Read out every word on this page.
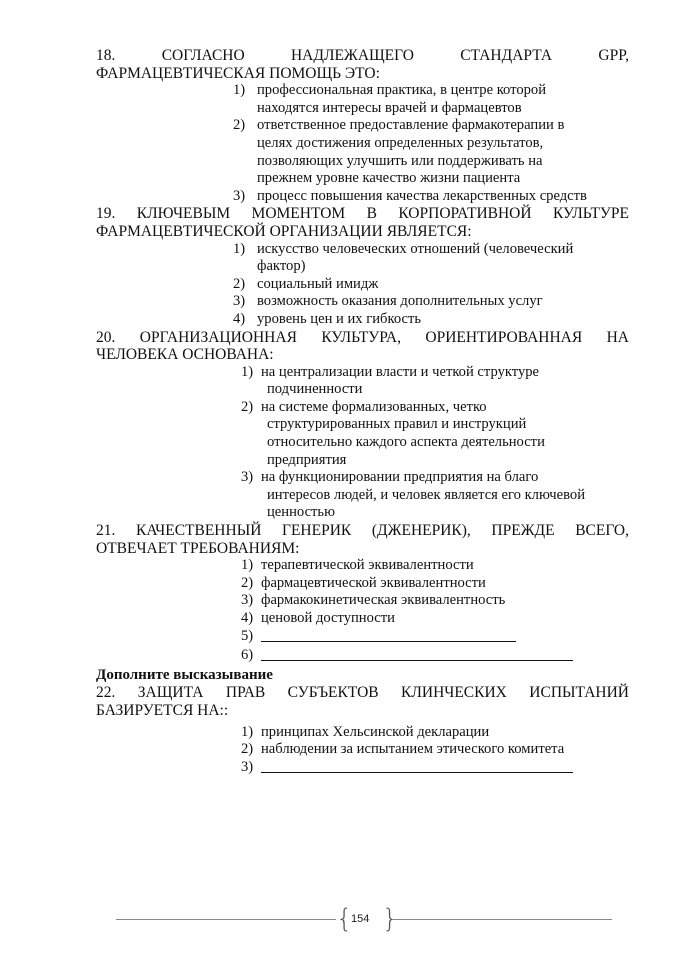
18. СОГЛАСНО НАДЛЕЖАЩЕГО СТАНДАРТА GPP,
ФАРМАЦЕВТИЧЕСКАЯ ПОМОЩЬ ЭТО:
1) профессиональная практика, в центре которой
находятся интересы врачей и фармацевтов
2) ответственное предоставление фармакотерапии в
целях достижения определенных результатов,
позволяющих улучшить или поддерживать на
прежнем уровне качество жизни пациента
3) процесс повышения качества лекарственных средств
19. КЛЮЧЕВЫМ МОМЕНТОМ В КОРПОРАТИВНОЙ КУЛЬТУРЕ
ФАРМАЦЕВТИЧЕСКОЙ ОРГАНИЗАЦИИ ЯВЛЯЕТСЯ:
1) искусство человеческих отношений (человеческий
фактор)
2) социальный имидж
3) возможность оказания дополнительных услуг
4) уровень цен и их гибкость
20. ОРГАНИЗАЦИОННАЯ КУЛЬТУРА, ОРИЕНТИРОВАННАЯ НА
ЧЕЛОВЕКА ОСНОВАНА:
1) на централизации власти и четкой структуре
подчиненности
2) на системе формализованных, четко
структурированных правил и инструкций
относительно каждого аспекта деятельности
предприятия
3) на функционировании предприятия на благо
интересов людей, и человек является его ключевой
ценностью
21. КАЧЕСТВЕННЫЙ ГЕНЕРИК (ДЖЕНЕРИК), ПРЕЖДЕ ВСЕГО,
ОТВЕЧАЕТ ТРЕБОВАНИЯМ:
1) терапевтической эквивалентности
2) фармацевтической эквивалентности
3) фармакокинетическая эквивалентность
4) ценовой доступности
5)
6)
Дополните высказывание
22. ЗАЩИТА ПРАВ СУБЪЕКТОВ КЛИНЧЕСКИХ ИСПЫТАНИЙ
БАЗИРУЕТСЯ НА::
1) принципах Хельсинской декларации
2) наблюдении за испытанием этического комитета
3)
{
154 }
